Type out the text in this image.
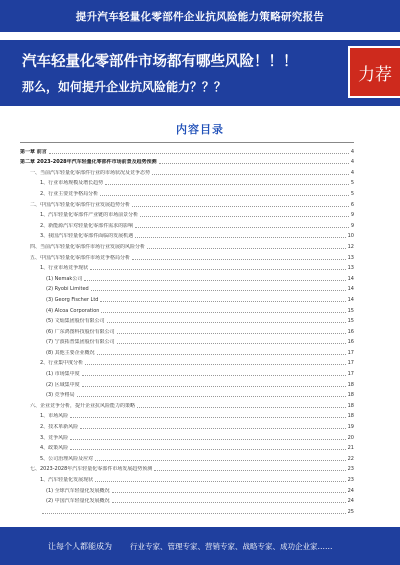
提升汽车轻量化零部件企业抗风险能力策略研究报告
汽车轻量化零部件市场都有哪些风险！！！
那么，如何提升企业抗风险能力？？？
力荐
内容目录
第一章 前言	4
第二章 2023-2028年汽车轻量化零部件市场前景及趋势预测	4
一、当前汽车轻量化零部件行业的市场状况及竞争态势	4
1、行业市场规模及增长趋势	5
2、行业主要竞争格局分析	5
二、中国汽车轻量化零部件行业发展趋势分析	6
1、汽车轻量化零部件产业链的市场前景分析	9
2、新能源汽车对轻量化零部件需求的影响	9
3、我国汽车轻量化零部件面临的发展机遇	10
四、当前汽车轻量化零部件市场行业发展的风险分析	12
五、中国汽车轻量化零部件市场竞争格局分析	13
1、行业市场竞争现状	13
(1) Nemak公司	14
(2) Ryobi Limited	14
(3) Georg Fischer Ltd	14
(4) Alcoa Corporation	15
(5) 文灿集团股份有限公司	15
(6) 广东鸿图科技股份有限公司	16
(7) 宁波拓普集团股份有限公司	16
(8) 其他主要企业概况	17
2、行业集中度分析	17
(1) 市场集中度	17
(2) 区域集中度	18
(3) 竞争格局	18
六、企业竞争分析，提升企业抗风险能力的策略	18
1、市场风险	18
2、技术革新风险	19
3、竞争风险	20
4、政策风险	21
5、公司治理风险及应对	22
七、2023-2028年汽车轻量化零部件市场发展趋势预测	23
1、汽车轻量化发展现状	23
(1) 全球汽车轻量化发展概况	24
(2) 中国汽车轻量化发展概况	24
25
让每个人都能成为 行业专家、管理专家、营销专家、战略专家、成功企业家……
